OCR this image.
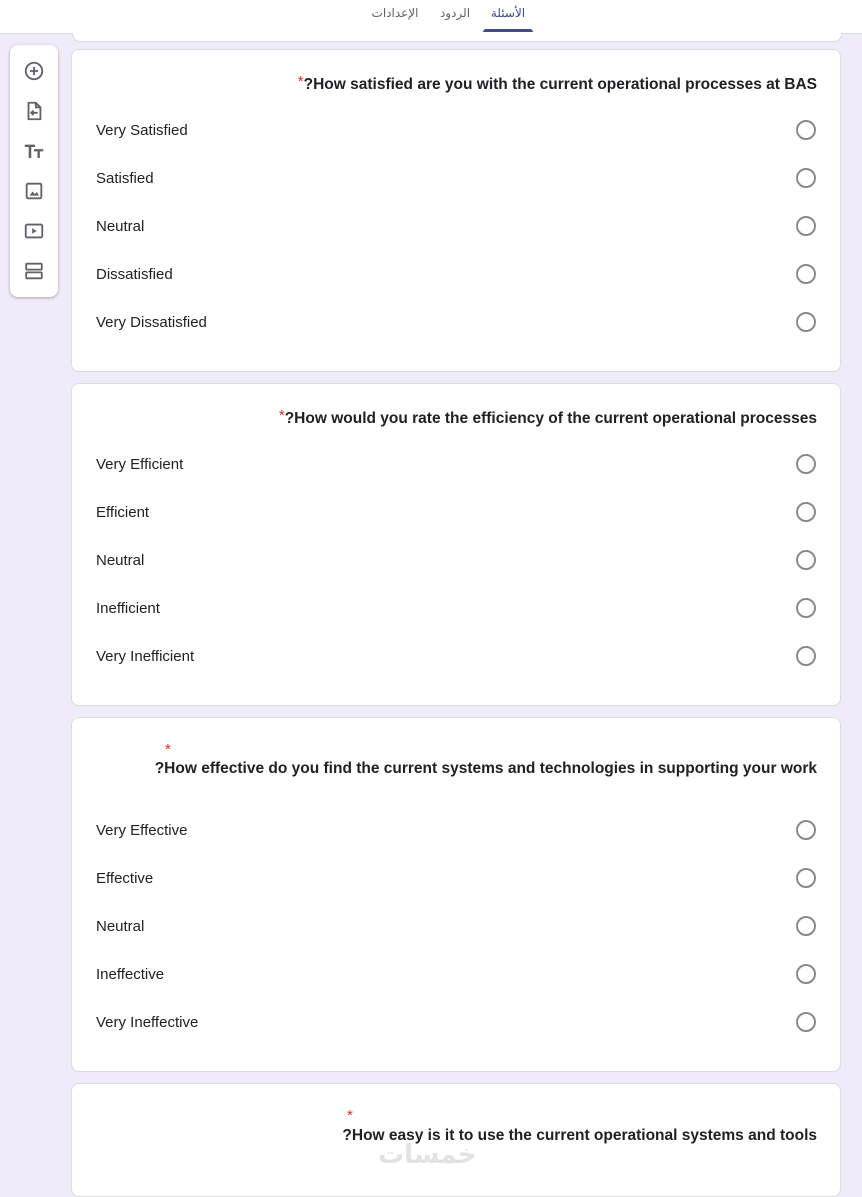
الإعدادات	الردود	الأسئلة
*?How satisfied are you with the current operational processes at BAS
Very Satisfied
Satisfied
Neutral
Dissatisfied
Very Dissatisfied
*?How would you rate the efficiency of the current operational processes
Very Efficient
Efficient
Neutral
Inefficient
Very Inefficient
*
?How effective do you find the current systems and technologies in supporting your work
Very Effective
Effective
Neutral
Ineffective
Very Ineffective
*
?How easy is it to use the current operational systems and tools
خمسات
